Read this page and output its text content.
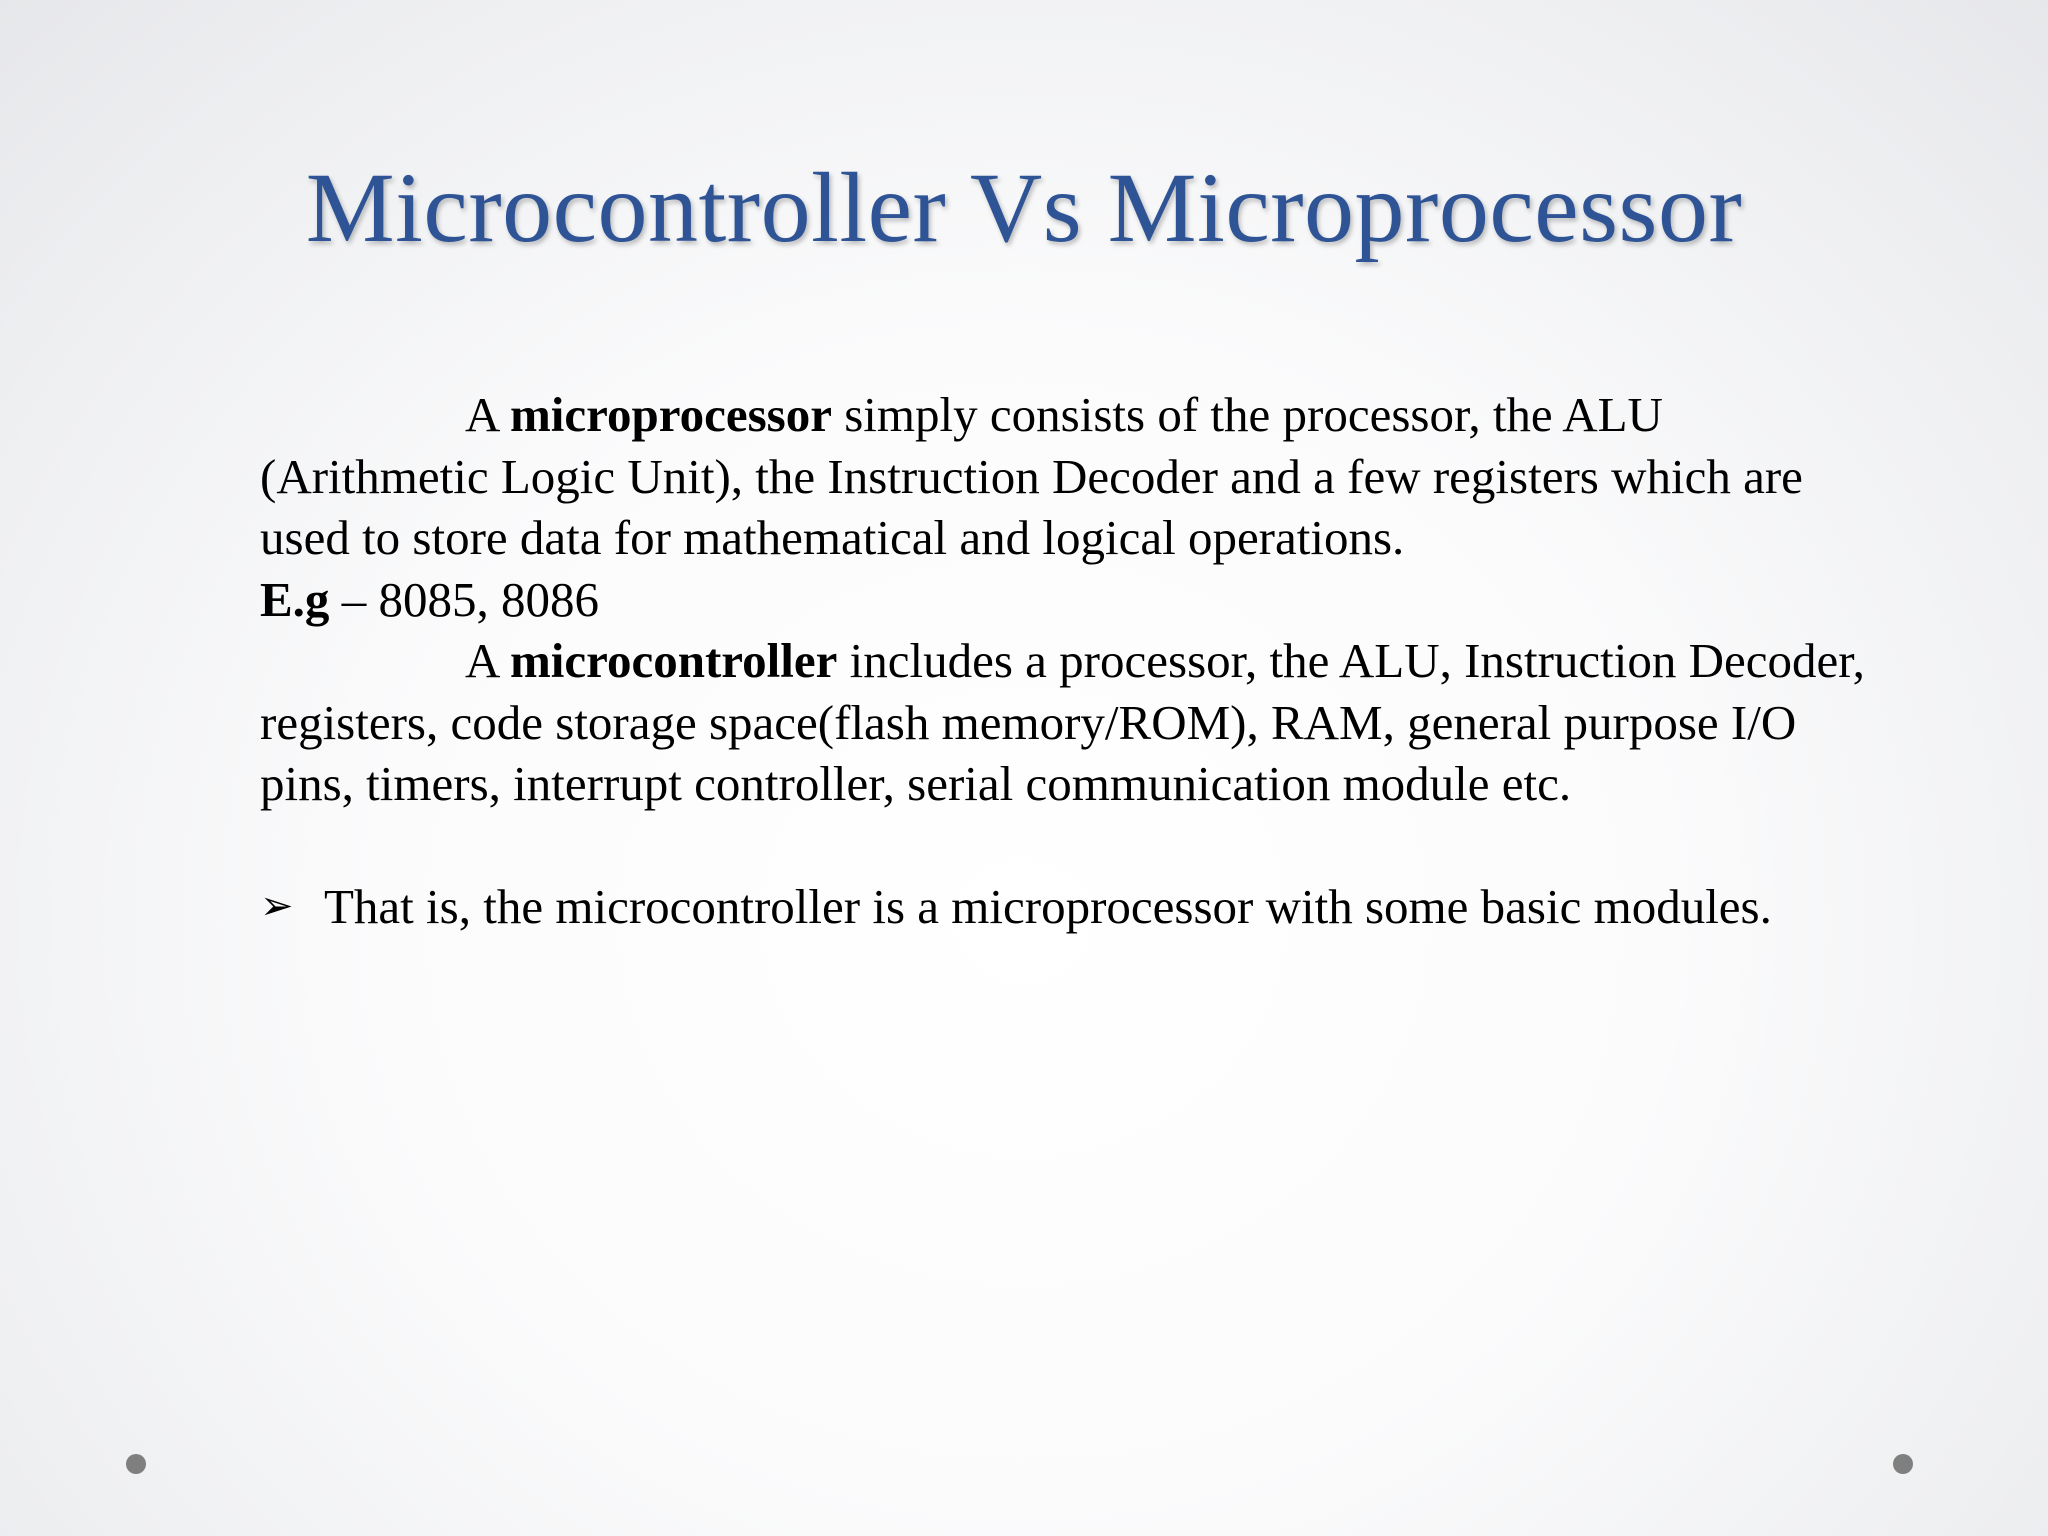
Microcontroller Vs Microprocessor

A microprocessor simply consists of the processor, the ALU (Arithmetic Logic Unit), the Instruction Decoder and a few registers which are used to store data for mathematical and logical operations.

E.g – 8085, 8086

A microcontroller includes a processor, the ALU, Instruction Decoder, registers, code storage space(flash memory/ROM), RAM, general purpose I/O pins, timers, interrupt controller, serial communication module etc.

➢ That is, the microcontroller is a microprocessor with some basic modules.
